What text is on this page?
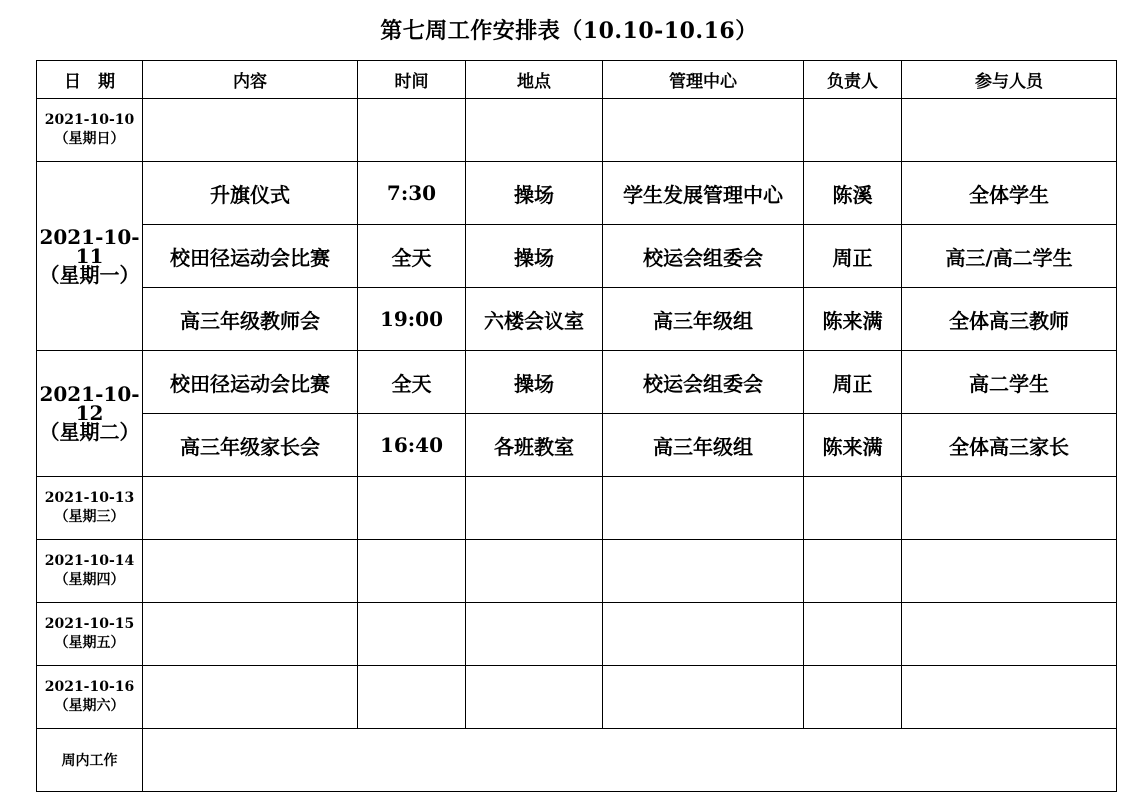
第七周工作安排表（10.10-10.16）
日　期	内容	时间	地点	管理中心	负责人	参与人员

2021-10-10
（星期日）						

2021-10-11
（星期一）	升旗仪式	7:30	操场	学生发展管理中心	陈溪	全体学生
	校田径运动会比赛	全天	操场	校运会组委会	周正	高三/高二学生
	高三年级教师会	19:00	六楼会议室	高三年级组	陈来满	全体高三教师

2021-10-12
（星期二）	校田径运动会比赛	全天	操场	校运会组委会	周正	高二学生
	高三年级家长会	16:40	各班教室	高三年级组	陈来满	全体高三家长

2021-10-13
（星期三）						

2021-10-14
（星期四）						

2021-10-15
（星期五）						

2021-10-16
（星期六）						

周内工作						
